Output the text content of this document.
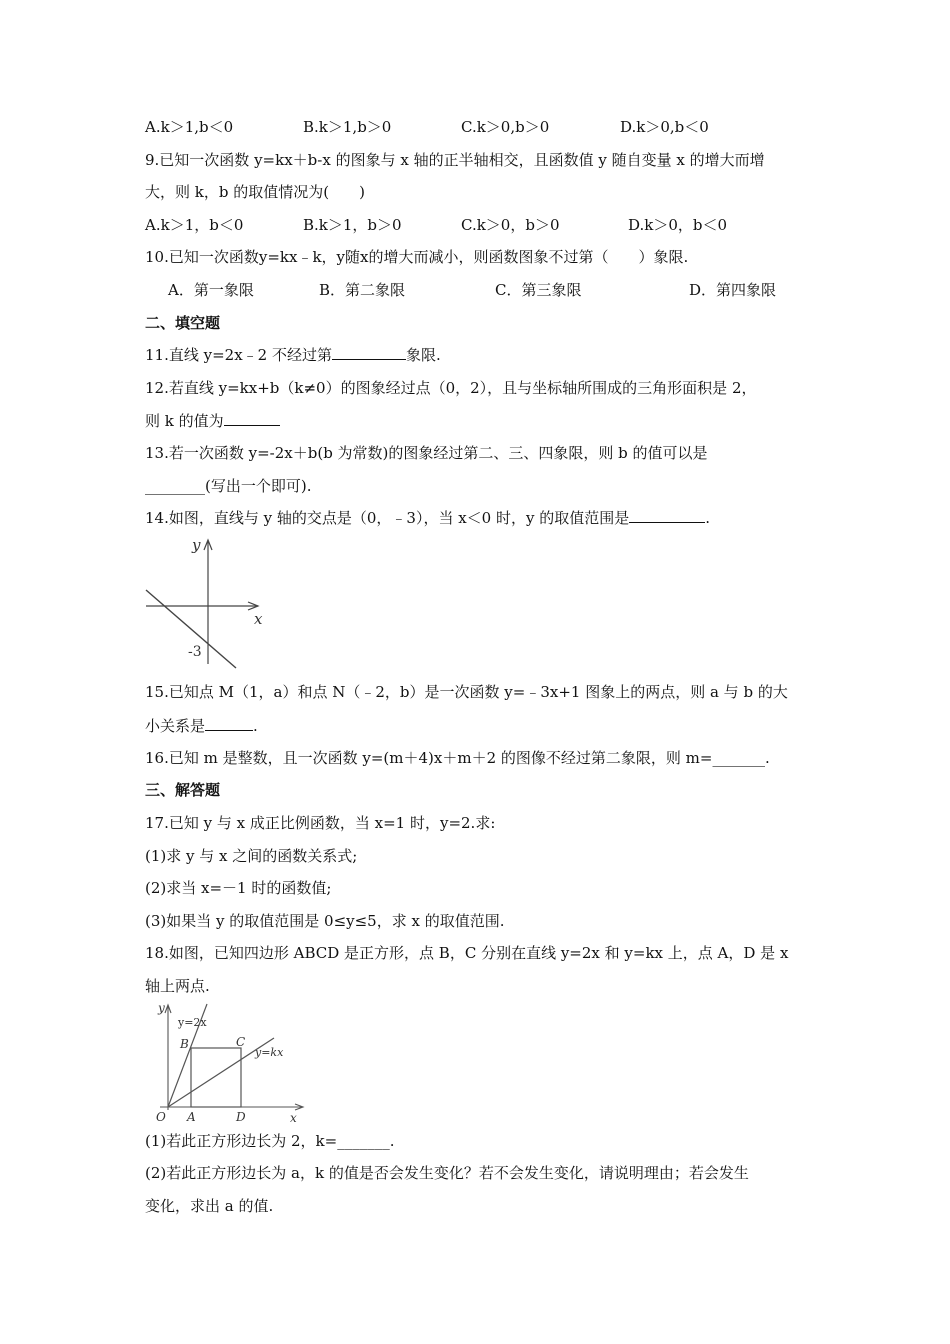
A.k＞1,b＜0	B.k＞1,b＞0	C.k＞0,b＞0	D.k＞0,b＜0
9.已知一次函数 y=kx＋b-x 的图象与 x 轴的正半轴相交，且函数值 y 随自变量 x 的增大而增
大，则 k，b 的取值情况为(　　)
A.k＞1，b＜0	B.k＞1，b＞0	C.k＞0，b＞0	D.k＞0，b＜0
10.已知一次函数y=kx﹣k，y随x的增大而减小，则函数图象不过第（　　）象限.
A．第一象限	B．第二象限	C．第三象限	D．第四象限
二、填空题
11.直线 y=2x﹣2 不经过第	象限.
12.若直线 y=kx+b（k≠0）的图象经过点（0，2），且与坐标轴所围成的三角形面积是 2，
则 k 的值为
13.若一次函数 y=-2x＋b(b 为常数)的图象经过第二、三、四象限，则 b 的值可以是
________(写出一个即可).
14.如图，直线与 y 轴的交点是（0，﹣3），当 x＜0 时，y 的取值范围是	.
y
x
-3
15.已知点 M（1，a）和点 N（﹣2，b）是一次函数 y=﹣3x+1 图象上的两点，则 a 与 b 的大
小关系是	.
16.已知 m 是整数，且一次函数 y=(m＋4)x＋m＋2 的图像不经过第二象限，则 m=_______.
三、解答题
17.已知 y 与 x 成正比例函数，当 x=1 时，y=2.求:
(1)求 y 与 x 之间的函数关系式;
(2)求当 x=－1 时的函数值;
(3)如果当 y 的取值范围是 0≤y≤5，求 x 的取值范围.
18.如图，已知四边形 ABCD 是正方形，点 B，C 分别在直线 y=2x 和 y=kx 上，点 A，D 是 x
轴上两点.
y=2x
y=kx
y
x
O A
B	C
D
(1)若此正方形边长为 2，k=_______.
(2)若此正方形边长为 a，k 的值是否会发生变化？若不会发生变化，请说明理由；若会发生
变化，求出 a 的值.
